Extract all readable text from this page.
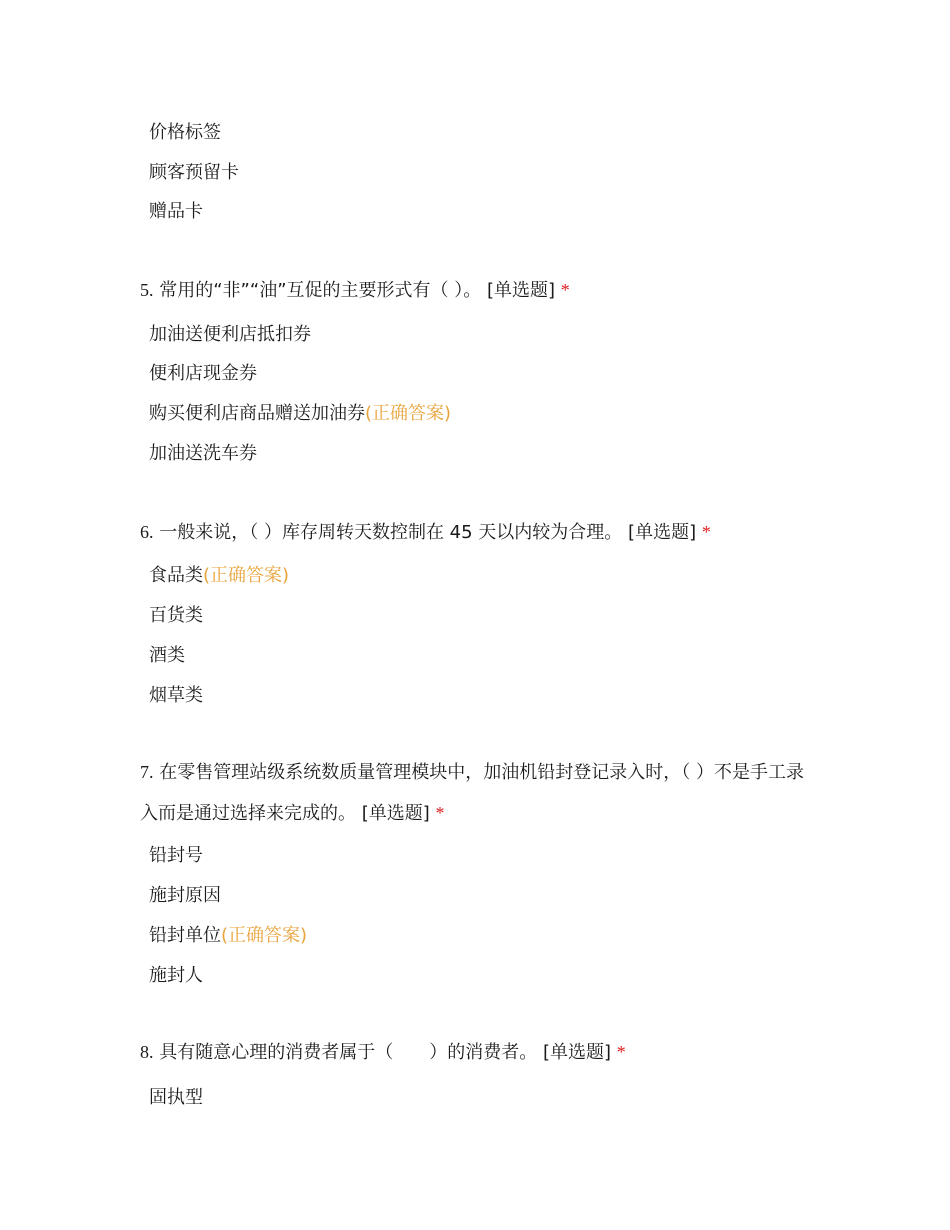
价格标签
顾客预留卡
赠品卡
5. 常用的“非”“油”互促的主要形式有（ ）。 [单选题] *
加油送便利店抵扣券
便利店现金券
购买便利店商品赠送加油券(正确答案)
加油送洗车券
6. 一般来说，（ ）库存周转天数控制在 45 天以内较为合理。 [单选题] *
食品类(正确答案)
百货类
酒类
烟草类
7. 在零售管理站级系统数质量管理模块中，加油机铅封登记录入时，（ ）不是手工录入而是通过选择来完成的。 [单选题] *
铅封号
施封原因
铅封单位(正确答案)
施封人
8. 具有随意心理的消费者属于（　　）的消费者。 [单选题] *
固执型
